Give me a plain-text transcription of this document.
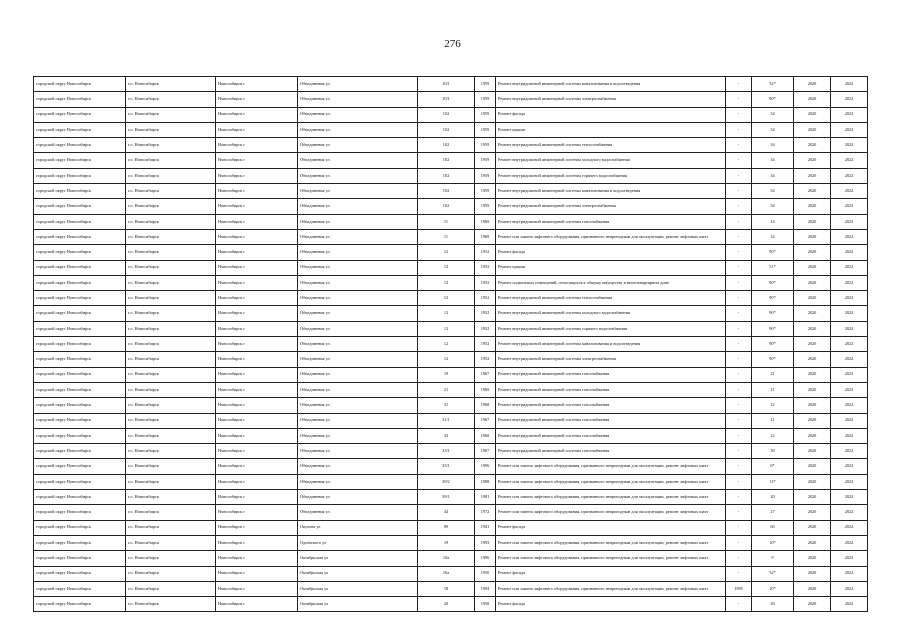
276
городской округ Новосибирск	г.о. Новосибирск	Новосибирск г	Объединения ул	10/1	1959	Ремонт внутридомовой инженерной системы канализования и водоотведения	-	52*	2020	2022
городской округ Новосибирск	г.о. Новосибирск	Новосибирск г	Объединения ул	10/1	1959	Ремонт внутридомовой инженерной системы электроснабжения	-	90*	2020	2022
городской округ Новосибирск	г.о. Новосибирск	Новосибирск г	Объединения ул	102	1959	Ремонт фасада	-	34	2020	2022
городской округ Новосибирск	г.о. Новосибирск	Новосибирск г	Объединения ул	102	1959	Ремонт крыши	-	34	2020	2022
городской округ Новосибирск	г.о. Новосибирск	Новосибирск г	Объединения ул	102	1959	Ремонт внутридомовой инженерной системы теплоснабжения	-	34	2020	2022
городской округ Новосибирск	г.о. Новосибирск	Новосибирск г	Объединения ул	102	1959	Ремонт внутридомовой инженерной системы холодного водоснабжения	-	34	2020	2022
городской округ Новосибирск	г.о. Новосибирск	Новосибирск г	Объединения ул	102	1959	Ремонт внутридомовой инженерной системы горячего водоснабжения	-	34	2020	2022
городской округ Новосибирск	г.о. Новосибирск	Новосибирск г	Объединения ул	102	1959	Ремонт внутридомовой инженерной системы канализования и водоотведения	-	34	2020	2022
городской округ Новосибирск	г.о. Новосибирск	Новосибирск г	Объединения ул	102	1959	Ремонт внутридомовой инженерной системы электроснабжения	-	34	2020	2022
городской округ Новосибирск	г.о. Новосибирск	Новосибирск г	Объединения ул	11	1969	Ремонт внутридомовой инженерной системы газоснабжения	-	14	2020	2022
городской округ Новосибирск	г.о. Новосибирск	Новосибирск г	Объединения ул	11	1969	Ремонт или замена лифтового оборудования, признанного непригодным для эксплуатации, ремонт лифтовых шахт	-	14	2020	2022
городской округ Новосибирск	г.о. Новосибирск	Новосибирск г	Объединения ул	12	1952	Ремонт фасада	-	90*	2020	2022
городской округ Новосибирск	г.о. Новосибирск	Новосибирск г	Объединения ул	12	1952	Ремонт крыши	-	51*	2020	2022
городской округ Новосибирск	г.о. Новосибирск	Новосибирск г	Объединения ул	12	1952	Ремонт подвальных помещений, относящихся к общему имуществу в многоквартирном доме	-	90*	2020	2022
городской округ Новосибирск	г.о. Новосибирск	Новосибирск г	Объединения ул	12	1952	Ремонт внутридомовой инженерной системы теплоснабжения	-	90*	2020	2022
городской округ Новосибирск	г.о. Новосибирск	Новосибирск г	Объединения ул	12	1952	Ремонт внутридомовой инженерной системы холодного водоснабжения	-	90*	2020	2022
городской округ Новосибирск	г.о. Новосибирск	Новосибирск г	Объединения ул	12	1952	Ремонт внутридомовой инженерной системы горячего водоснабжения	-	90*	2020	2022
городской округ Новосибирск	г.о. Новосибирск	Новосибирск г	Объединения ул	12	1952	Ремонт внутридомовой инженерной системы канализования и водоотведения	-	90*	2020	2022
городской округ Новосибирск	г.о. Новосибирск	Новосибирск г	Объединения ул	12	1952	Ремонт внутридомовой инженерной системы электроснабжения	-	90*	2020	2022
городской округ Новосибирск	г.о. Новосибирск	Новосибирск г	Объединения ул	19	1967	Ремонт внутридомовой инженерной системы газоснабжения	-	21	2020	2022
городской округ Новосибирск	г.о. Новосибирск	Новосибирск г	Объединения ул	21	1969	Ремонт внутридомовой инженерной системы газоснабжения	-	11	2020	2022
городской округ Новосибирск	г.о. Новосибирск	Новосибирск г	Объединения ул	31	1968	Ремонт внутридомовой инженерной системы газоснабжения	-	12	2020	2022
городской округ Новосибирск	г.о. Новосибирск	Новосибирск г	Объединения ул	31/1	1967	Ремонт внутридомовой инженерной системы газоснабжения	-	11	2020	2022
городской округ Новосибирск	г.о. Новосибирск	Новосибирск г	Объединения ул	33	1968	Ремонт внутридомовой инженерной системы газоснабжения	-	12	2020	2022
городской округ Новосибирск	г.о. Новосибирск	Новосибирск г	Объединения ул	33/1	1967	Ремонт внутридомовой инженерной системы газоснабжения	-	30	2020	2022
городской округ Новосибирск	г.о. Новосибирск	Новосибирск г	Объединения ул	35/1	1996	Ремонт или замена лифтового оборудования, признанного непригодным для эксплуатации, ремонт лифтовых шахт	-	6*	2020	2022
городской округ Новосибирск	г.о. Новосибирск	Новосибирск г	Объединения ул	39/2	1988	Ремонт или замена лифтового оборудования, признанного непригодным для эксплуатации, ремонт лифтовых шахт	-	11*	2020	2022
городской округ Новосибирск	г.о. Новосибирск	Новосибирск г	Объединения ул	39/1	1981	Ремонт или замена лифтового оборудования, признанного непригодным для эксплуатации, ремонт лифтовых шахт	-	20	2020	2022
городской округ Новосибирск	г.о. Новосибирск	Новосибирск г	Объединения ул	44	1972	Ремонт или замена лифтового оборудования, признанного непригодным для эксплуатации, ремонт лифтовых шахт	-	27	2020	2022
городской округ Новосибирск	г.о. Новосибирск	Новосибирск г	Окулова ул	89	1941	Ремонт фасада	-	60	2020	2022
городской округ Новосибирск	г.о. Новосибирск	Новосибирск г	Одоевского ул	19	1993	Ремонт или замена лифтового оборудования, признанного непригодным для эксплуатации, ремонт лифтовых шахт	-	10*	2020	2022
городской округ Новосибирск	г.о. Новосибирск	Новосибирск г	Октябрьская ул	10а	1996	Ремонт или замена лифтового оборудования, признанного непригодным для эксплуатации, ремонт лифтовых шахт	-	9	2020	2022
городской округ Новосибирск	г.о. Новосибирск	Новосибирск г	Октябрьская ул	16а	1950	Ремонт фасада	-	52*	2020	2022
городской округ Новосибирск	г.о. Новосибирск	Новосибирск г	Октябрьская ул	18	1994	Ремонт или замена лифтового оборудования, признанного непригодным для эксплуатации, ремонт лифтовых шахт	1995	10*	2020	2022
городской округ Новосибирск	г.о. Новосибирск	Новосибирск г	Октябрьская ул	20	1958	Ремонт фасада	-	30	2020	2022
